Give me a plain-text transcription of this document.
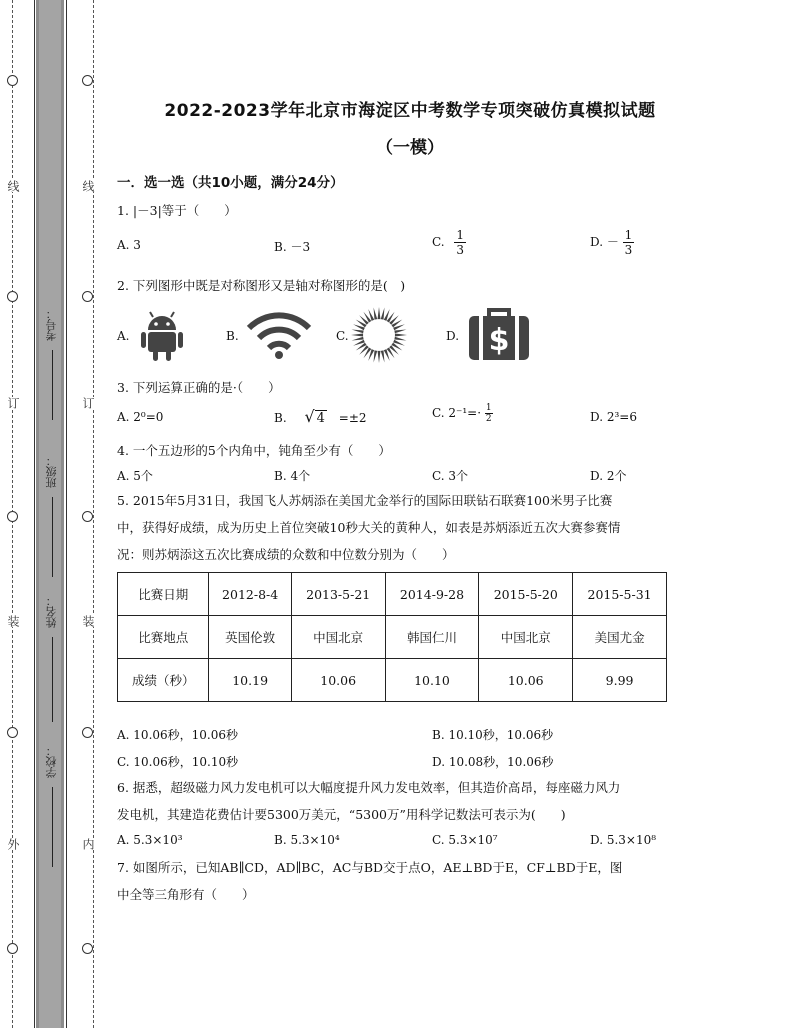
线
订
装
外
线
订
装
内
考号：
班级：
姓名：
学校：
2022-2023学年北京市海淀区中考数学专项突破仿真模拟试题
（一模）
一．选一选（共10小题，满分24分）
1. |－3|等于（　　）
A. 3	B. －3	C. $\frac{1}{3}$	D. － $\frac{1}{3}$
2. 下列图形中既是对称图形又是轴对称图形的是(　)
A.	B.	C.	D. $
3. 下列运算正确的是·（　　）
A. 2⁰=0	B. √ 4 =±2	C. $2^{-1}=\cdot \frac{1}{2}$	D. 2³=6
4. 一个五边形的5个内角中，钝角至少有（　　）
A. 5个	B. 4个	C. 3个	D. 2个
5. 2015年5月31日，我国飞人苏炳添在美国尤金举行的国际田联钻石联赛100米男子比赛
中，获得好成绩，成为历史上首位突破10秒大关的黄种人，如表是苏炳添近五次大赛参赛情
况：则苏炳添这五次比赛成绩的众数和中位数分别为（　　）
比赛日期	2012-8-4	2013-5-21	2014-9-28	2015-5-20	2015-5-31
比赛地点	英国伦敦	中国北京	韩国仁川	中国北京	美国尤金
成绩（秒）	10.19	10.06	10.10	10.06	9.99
A. 10.06秒，10.06秒	B. 10.10秒，10.06秒
C. 10.06秒，10.10秒	D. 10.08秒，10.06秒
6. 据悉，超级磁力风力发电机可以大幅度提升风力发电效率，但其造价高昂，每座磁力风力
发电机，其建造花费估计要5300万美元，“5300万”用科学记数法可表示为(　　)
A. 5.3×10³	B. 5.3×10⁴	C. 5.3×10⁷	D. 5.3×10⁸
7. 如图所示，已知AB∥CD，AD∥BC，AC与BD交于点O，AE⊥BD于E，CF⊥BD于E，图
中全等三角形有（　　）
